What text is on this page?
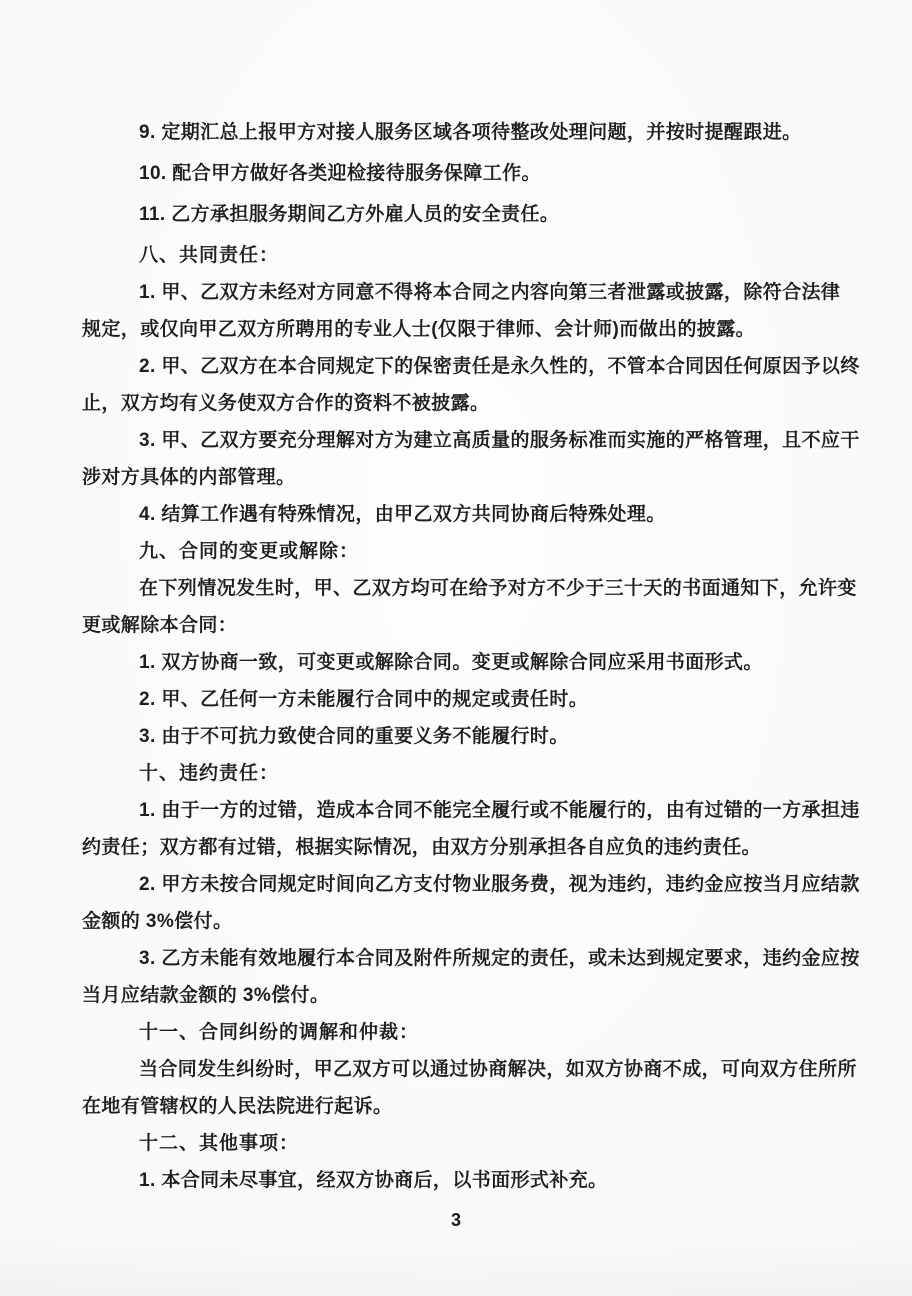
9. 定期汇总上报甲方对接人服务区域各项待整改处理问题，并按时提醒跟进。
10. 配合甲方做好各类迎检接待服务保障工作。
11. 乙方承担服务期间乙方外雇人员的安全责任。
八、共同责任：
1. 甲、乙双方未经对方同意不得将本合同之内容向第三者泄露或披露，除符合法律
规定，或仅向甲乙双方所聘用的专业人士(仅限于律师、会计师)而做出的披露。
2. 甲、乙双方在本合同规定下的保密责任是永久性的，不管本合同因任何原因予以终
止，双方均有义务使双方合作的资料不被披露。
3. 甲、乙双方要充分理解对方为建立高质量的服务标准而实施的严格管理，且不应干
涉对方具体的内部管理。
4. 结算工作遇有特殊情况，由甲乙双方共同协商后特殊处理。
九、合同的变更或解除：
在下列情况发生时，甲、乙双方均可在给予对方不少于三十天的书面通知下，允许变
更或解除本合同：
1. 双方协商一致，可变更或解除合同。变更或解除合同应采用书面形式。
2. 甲、乙任何一方未能履行合同中的规定或责任时。
3. 由于不可抗力致使合同的重要义务不能履行时。
十、违约责任：
1. 由于一方的过错，造成本合同不能完全履行或不能履行的，由有过错的一方承担违
约责任；双方都有过错，根据实际情况，由双方分别承担各自应负的违约责任。
2. 甲方未按合同规定时间向乙方支付物业服务费，视为违约，违约金应按当月应结款
金额的 3%偿付。
3. 乙方未能有效地履行本合同及附件所规定的责任，或未达到规定要求，违约金应按
当月应结款金额的 3%偿付。
十一、合同纠纷的调解和仲裁：
当合同发生纠纷时，甲乙双方可以通过协商解决，如双方协商不成，可向双方住所所
在地有管辖权的人民法院进行起诉。
十二、其他事项：
1. 本合同未尽事宜，经双方协商后，以书面形式补充。
3
